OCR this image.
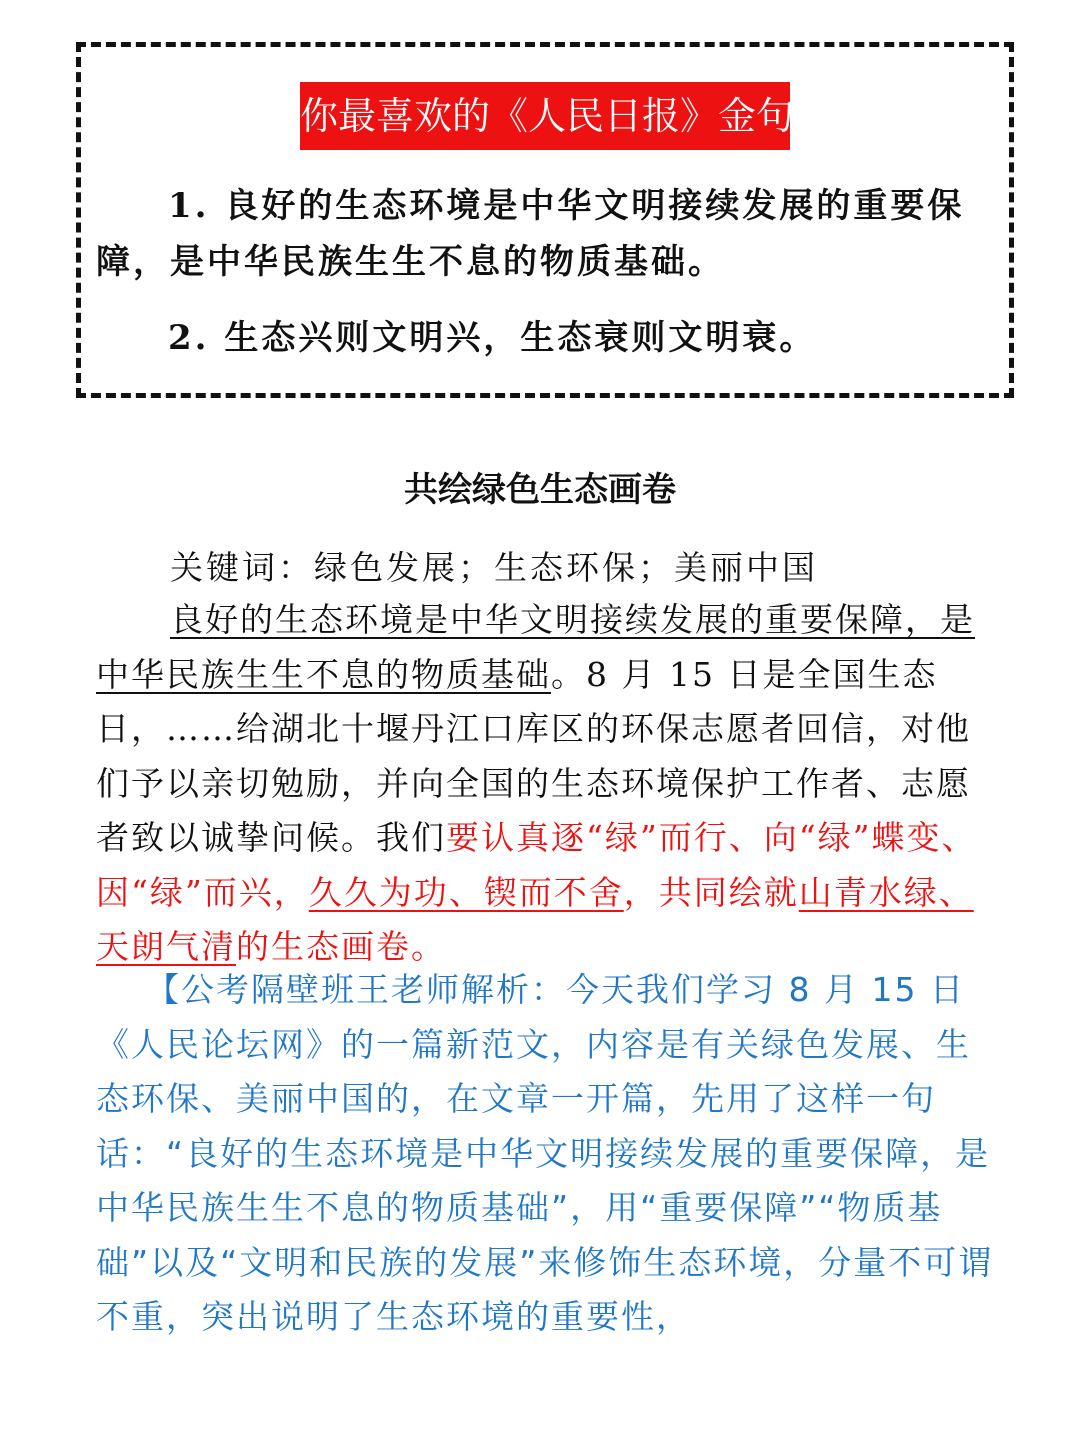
你最喜欢的《人民日报》金句

1. 良好的生态环境是中华文明接续发展的重要保障，是中华民族生生不息的物质基础。

2. 生态兴则文明兴，生态衰则文明衰。

共绘绿色生态画卷

关键词：绿色发展；生态环保；美丽中国

良好的生态环境是中华文明接续发展的重要保障，是中华民族生生不息的物质基础。8 月 15 日是全国生态日，……给湖北十堰丹江口库区的环保志愿者回信，对他们予以亲切勉励，并向全国的生态环境保护工作者、志愿者致以诚挚问候。我们要认真逐“绿”而行、向“绿”蝶变、因“绿”而兴，久久为功、锲而不舍，共同绘就山青水绿、天朗气清的生态画卷。

【公考隔壁班王老师解析：今天我们学习 8 月 15 日《人民论坛网》的一篇新范文，内容是有关绿色发展、生态环保、美丽中国的，在文章一开篇，先用了这样一句话：“良好的生态环境是中华文明接续发展的重要保障，是中华民族生生不息的物质基础”，用“重要保障”“物质基础”以及“文明和民族的发展”来修饰生态环境，分量不可谓不重，突出说明了生态环境的重要性，
